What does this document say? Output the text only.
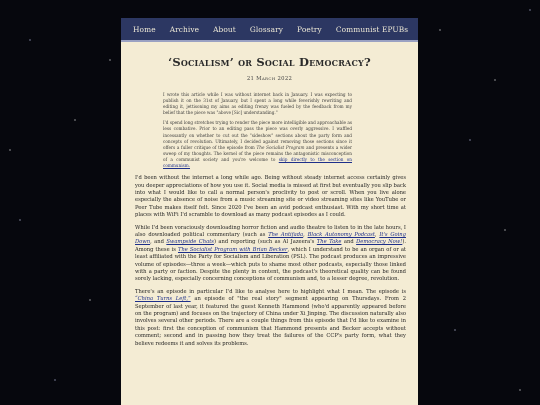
Home Archive About Glossary Poetry Communist EPUBs
‘Socialism’ or Social Democracy?
21 March 2022

I wrote this article while I was without internet back in January. I was expecting to publish it on the 31st of January, but I spent a long while feverishly rewriting and editing it, jettisoning my aims as editing frenzy was fueled by the feedback from my belief that the piece was "above [Sic] understanding."

I'd spend long stretches trying to render the piece more intelligible and approachable as less combative. Prior to an editing pass the piece was overly aggressive. I waffled incessantly on whether to cut out the "sideshow" sections about the party form and concepts of revolution. Ultimately, I decided against removing those sections since it offers a fuller critique of the episode from The Socialist Program and presents a wider sweep of my thoughts. The kernel of the piece remains the antagonistic misconception of a communist society and you're welcome to skip directly to the section on communism.

I'd been without the internet a long while ago. Being without steady internet access certainly gives you deeper appreciations of how you use it. Social media is missed at first but eventually you slip back into what I would like to call a normal person's proclivity to post or scroll. When you live alone especially the absence of noise from a music streaming site or video streaming sites like YouTube or Peer Tube makes itself felt. Since 2020 I've been an avid podcast enthusiast. With my short time at places with WiFi I'd scramble to download as many podcast episodes as I could.

While I'd been voraciously downloading horror fiction and audio theatre to listen to in the late hours, I also downloaded political commentary (such as The Antifada, Black Autonomy Podcast, It's Going Down, and Swampside Chats) and reporting (such as Al Jazeera's The Take and Democracy Now!). Among these is The Socialist Program with Brian Becker, which I understand to be an organ of or at least affiliated with the Party for Socialism and Liberation (PSL). The podcast produces an impressive volume of episodes—three a week—which puts to shame most other podcasts, especially those linked with a party or faction. Despite the plenty in content, the podcast's theoretical quality can be found sorely lacking, especially concerning conceptions of communism and, to a lesser degree, revolution.

There's an episode in particular I'd like to analyse here to highlight what I mean. The episode is “China Turns Left,” an episode of "the real story" segment appearing on Thursdays. From 2 September of last year, it featured the guest Kenneth Hammond (who'd apparently appeared before on the program) and focuses on the trajectory of China under Xi Jinping. The discussion naturally also involves several other periods. There are a couple things from this episode that I'd like to examine in this post: first the conception of communism that Hammond presents and Becker accepts without comment; second and in passing how they treat the failures of the CCP's party form, what they believe redeems it and solves its problems.
